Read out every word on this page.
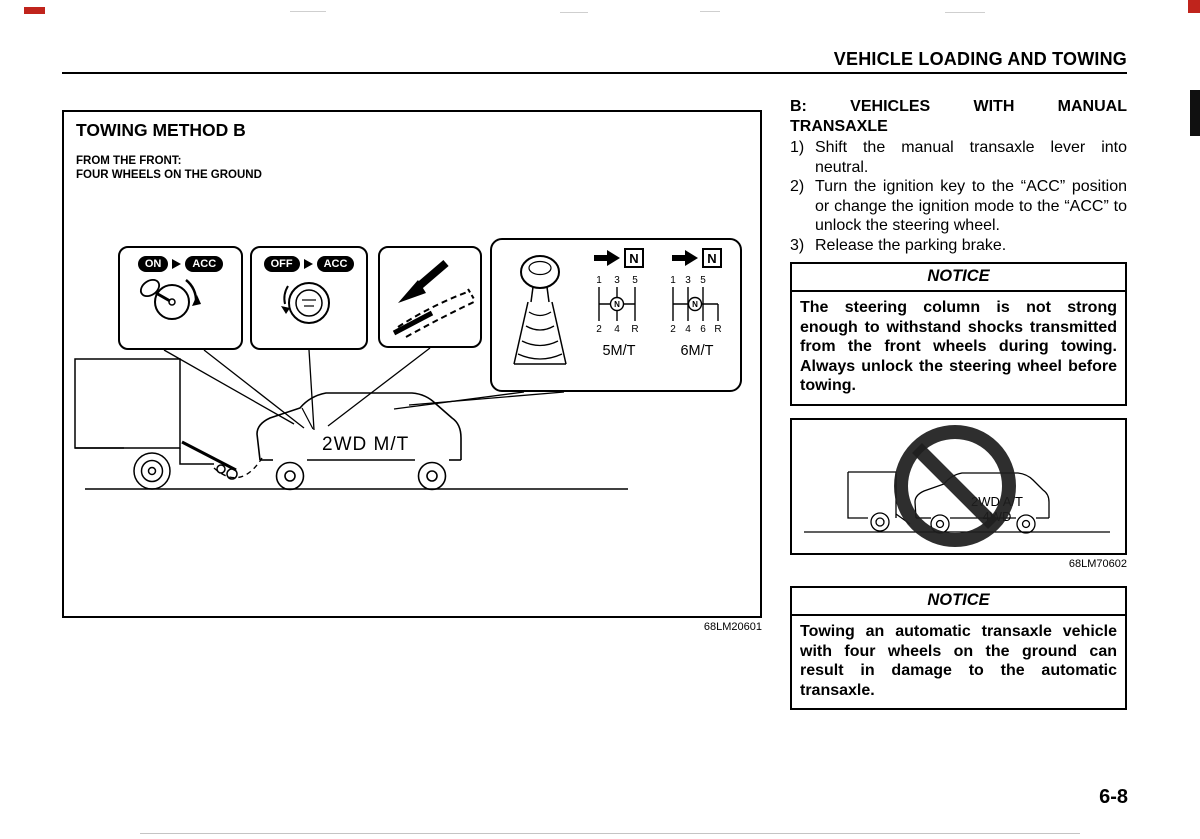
VEHICLE LOADING AND TOWING
2WD M/T
TOWING METHOD B
FROM THE FRONT:
FOUR WHEELS ON THE GROUND
ON	ACC	OFF	ACC	N
1 3 5
N
2 4 R
5M/T
N
1 3 5
N
2 4 6 R
6M/T
68LM20601
B: VEHICLES WITH MANUAL
TRANSAXLE
1) Shift the manual transaxle lever into neutral.
2) Turn the ignition key to the “ACC” position or change the ignition mode to the “ACC” to unlock the steering wheel.
3) Release the parking brake.
NOTICE
The steering column is not strong enough to withstand shocks transmitted from the front wheels during towing. Always unlock the steering wheel before towing.
2WD A/T
4WD
68LM70602
NOTICE
Towing an automatic transaxle vehicle with four wheels on the ground can result in damage to the automatic transaxle.
6-8
